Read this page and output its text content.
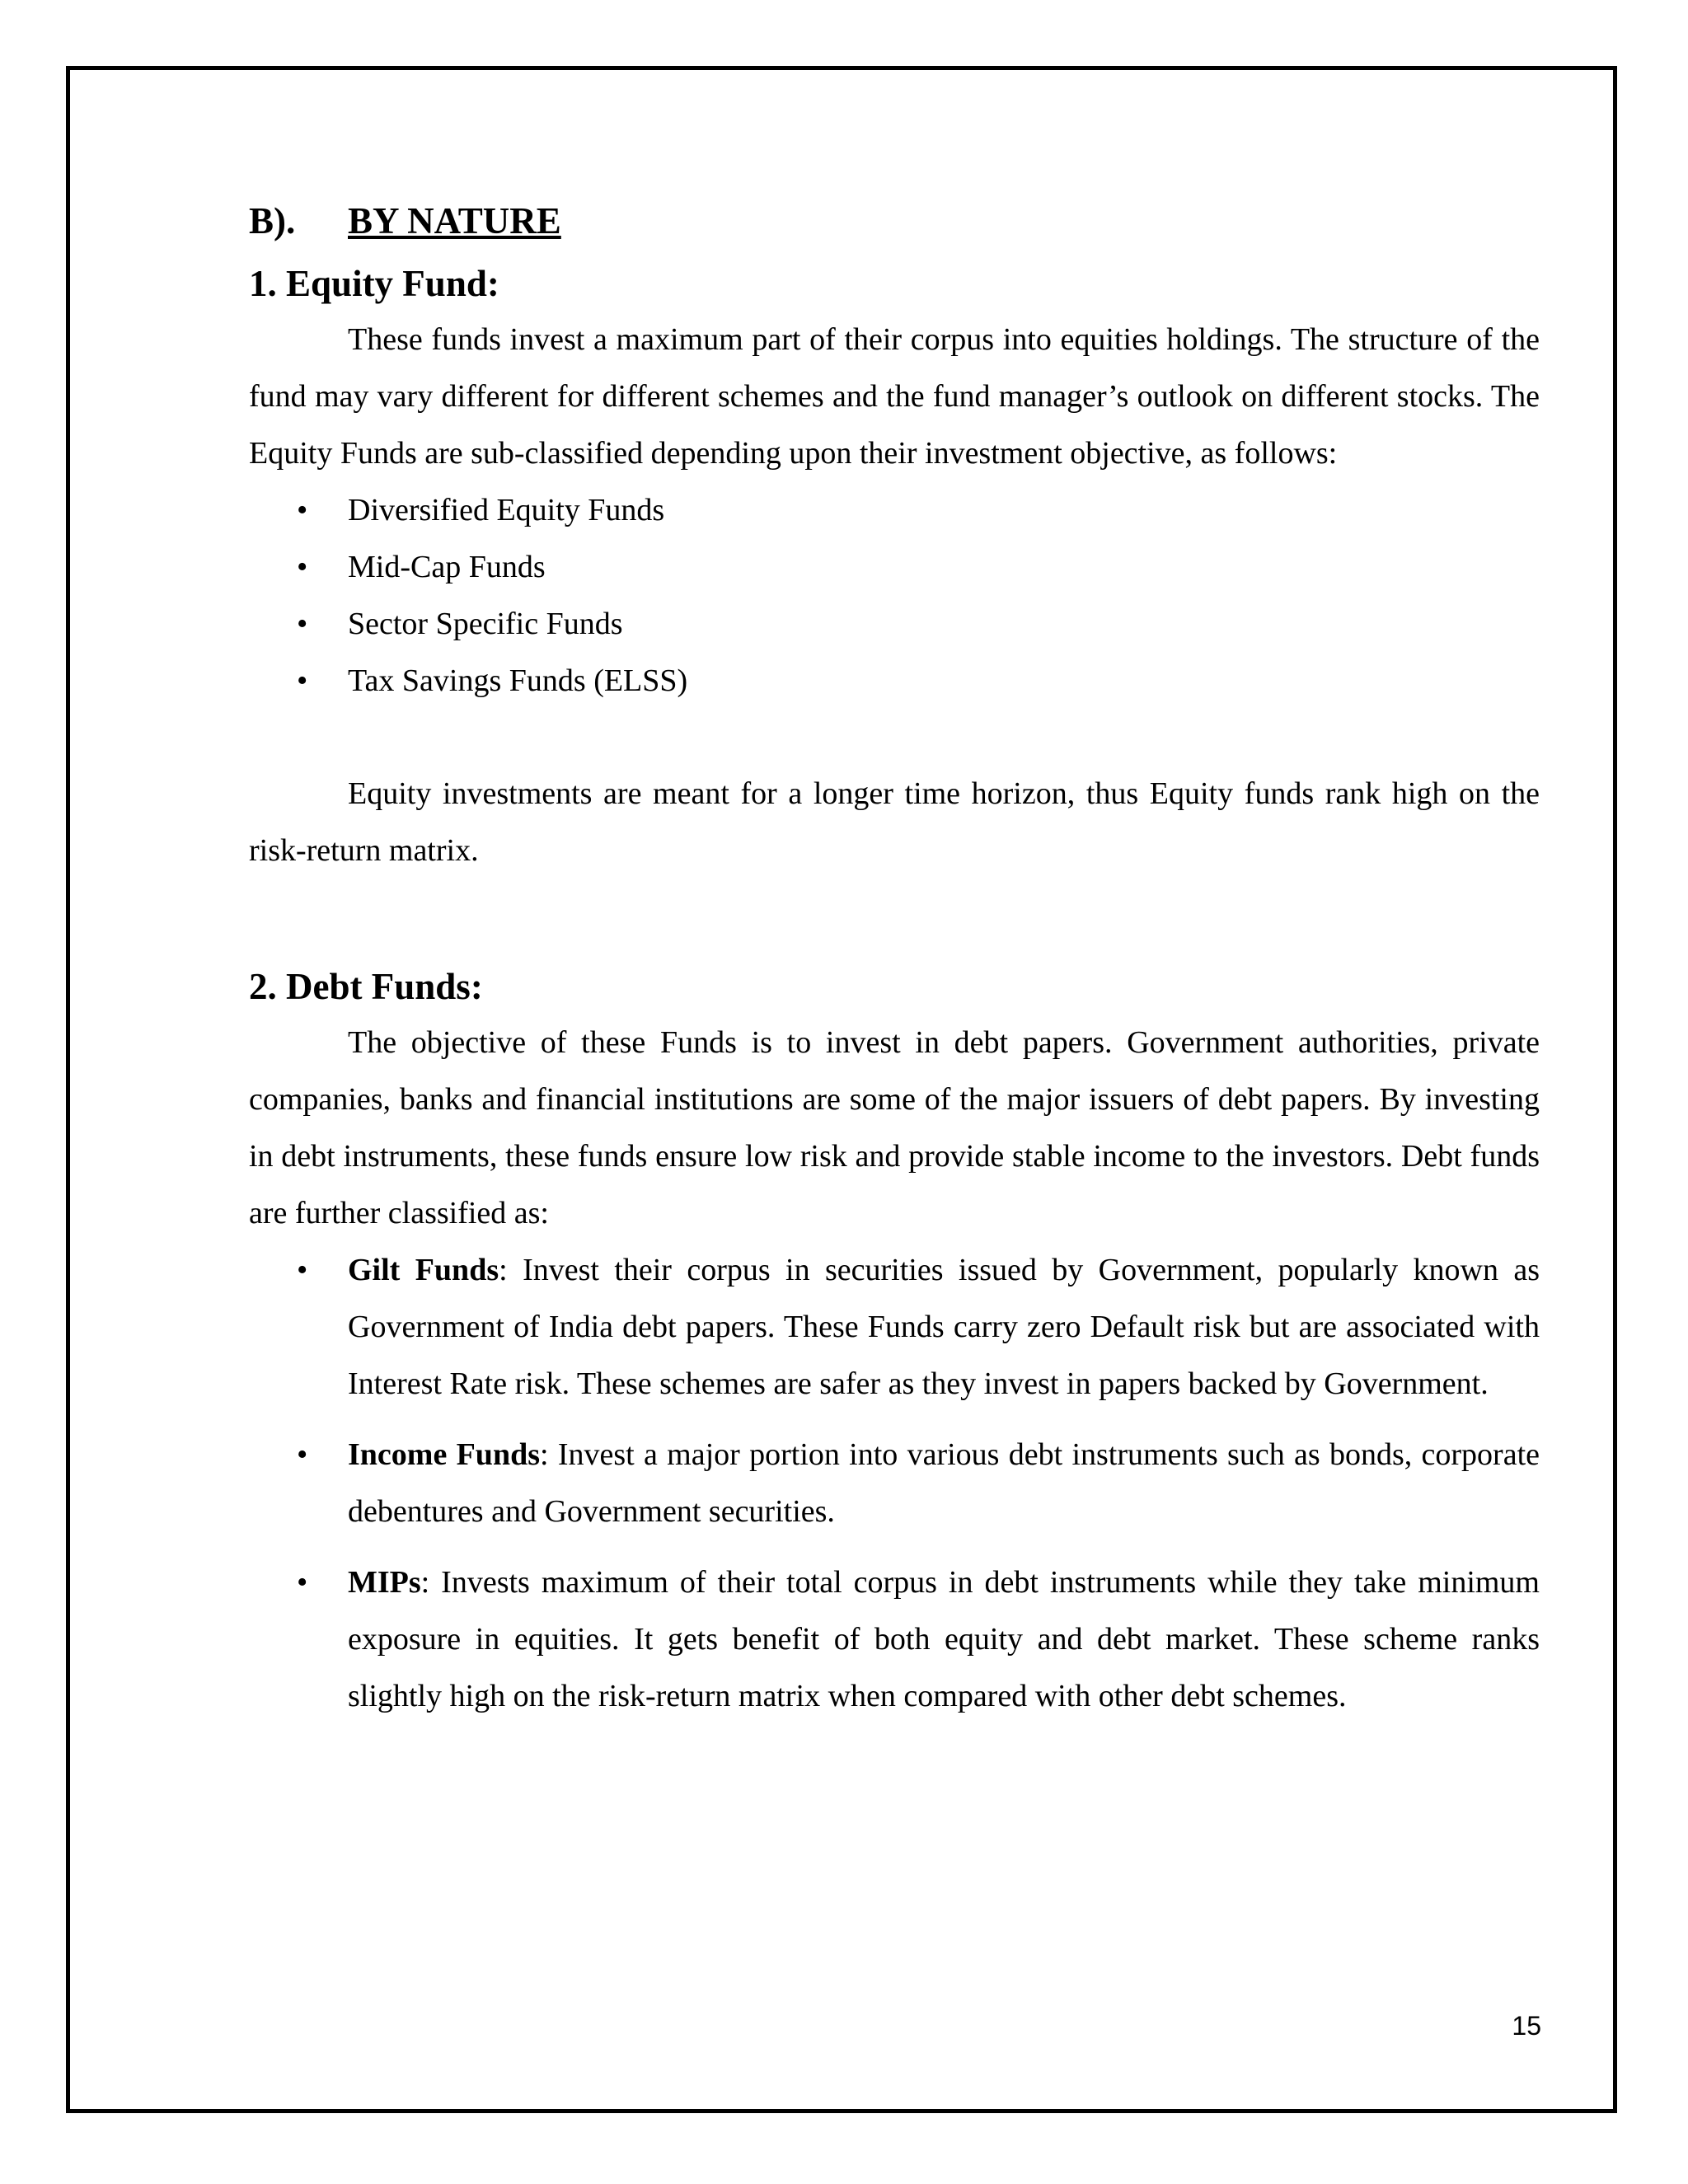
B).	BY NATURE
1. Equity Fund:

These funds invest a maximum part of their corpus into equities holdings. The structure of the fund may vary different for different schemes and the fund manager’s outlook on different stocks. The Equity Funds are sub-classified depending upon their investment objective, as follows:

• Diversified Equity Funds
• Mid-Cap Funds
• Sector Specific Funds
• Tax Savings Funds (ELSS)

Equity investments are meant for a longer time horizon, thus Equity funds rank high on the risk-return matrix.

2. Debt Funds:

The objective of these Funds is to invest in debt papers. Government authorities, private companies, banks and financial institutions are some of the major issuers of debt papers. By investing in debt instruments, these funds ensure low risk and provide stable income to the investors. Debt funds are further classified as:

• Gilt Funds: Invest their corpus in securities issued by Government, popularly known as Government of India debt papers. These Funds carry zero Default risk but are associated with Interest Rate risk. These schemes are safer as they invest in papers backed by Government.
• Income Funds: Invest a major portion into various debt instruments such as bonds, corporate debentures and Government securities.
• MIPs: Invests maximum of their total corpus in debt instruments while they take minimum exposure in equities. It gets benefit of both equity and debt market. These scheme ranks slightly high on the risk-return matrix when compared with other debt schemes.
15
